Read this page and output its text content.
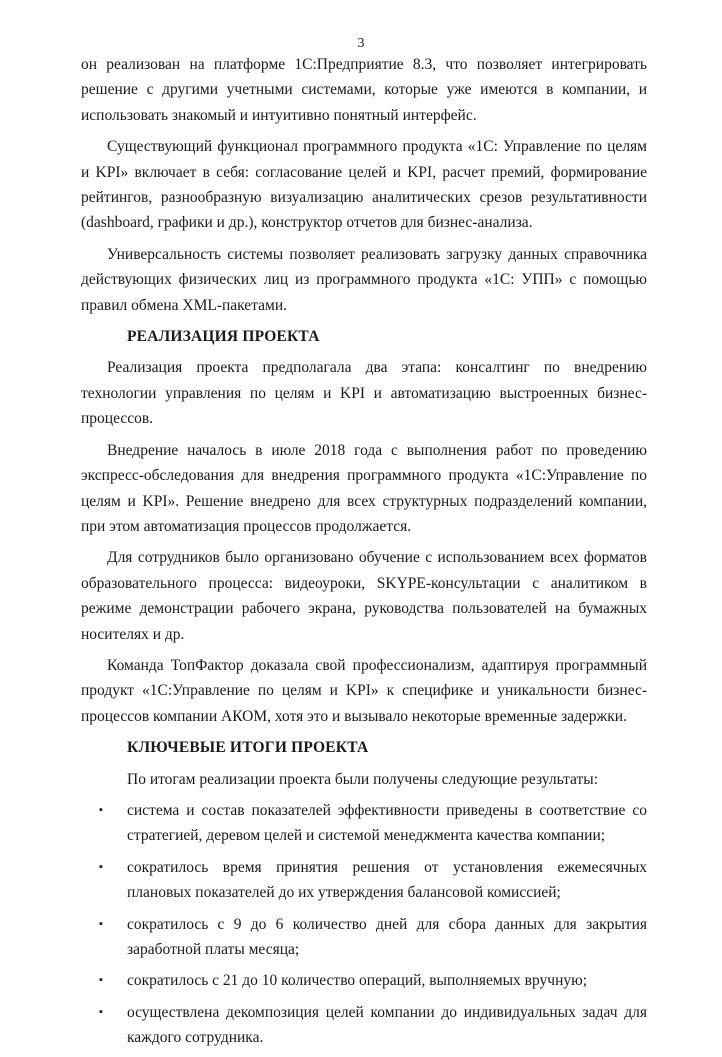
3

он реализован на платформе 1С:Предприятие 8.3, что позволяет интегрировать решение с другими учетными системами, которые уже имеются в компании, и использовать знакомый и интуитивно понятный интерфейс.

Существующий функционал программного продукта «1С: Управление по целям и KPI» включает в себя: согласование целей и KPI, расчет премий, формирование рейтингов, разнообразную визуализацию аналитических срезов результативности (dashboard, графики и др.), конструктор отчетов для бизнес-анализа.

Универсальность системы позволяет реализовать загрузку данных справочника действующих физических лиц из программного продукта «1С: УПП» с помощью правил обмена XML-пакетами.

РЕАЛИЗАЦИЯ ПРОЕКТА

Реализация проекта предполагала два этапа: консалтинг по внедрению технологии управления по целям и KPI и автоматизацию выстроенных бизнес-процессов.

Внедрение началось в июле 2018 года с выполнения работ по проведению экспресс-обследования для внедрения программного продукта «1С:Управление по целям и KPI». Решение внедрено для всех структурных подразделений компании, при этом автоматизация процессов продолжается.

Для сотрудников было организовано обучение с использованием всех форматов образовательного процесса: видеоуроки, SKYPE-консультации с аналитиком в режиме демонстрации рабочего экрана, руководства пользователей на бумажных носителях и др.

Команда ТопФактор доказала свой профессионализм, адаптируя программный продукт «1С:Управление по целям и KPI» к специфике и уникальности бизнес-процессов компании АКОМ, хотя это и вызывало некоторые временные задержки.

КЛЮЧЕВЫЕ ИТОГИ ПРОЕКТА

По итогам реализации проекта были получены следующие результаты:

▪ система и состав показателей эффективности приведены в соответствие со стратегией, деревом целей и системой менеджмента качества компании;
▪ сократилось время принятия решения от установления ежемесячных плановых показателей до их утверждения балансовой комиссией;
▪ сократилось с 9 до 6 количество дней для сбора данных для закрытия заработной платы месяца;
▪ сократилось с 21 до 10 количество операций, выполняемых вручную;
▪ осуществлена декомпозиция целей компании до индивидуальных задач для каждого сотрудника.
